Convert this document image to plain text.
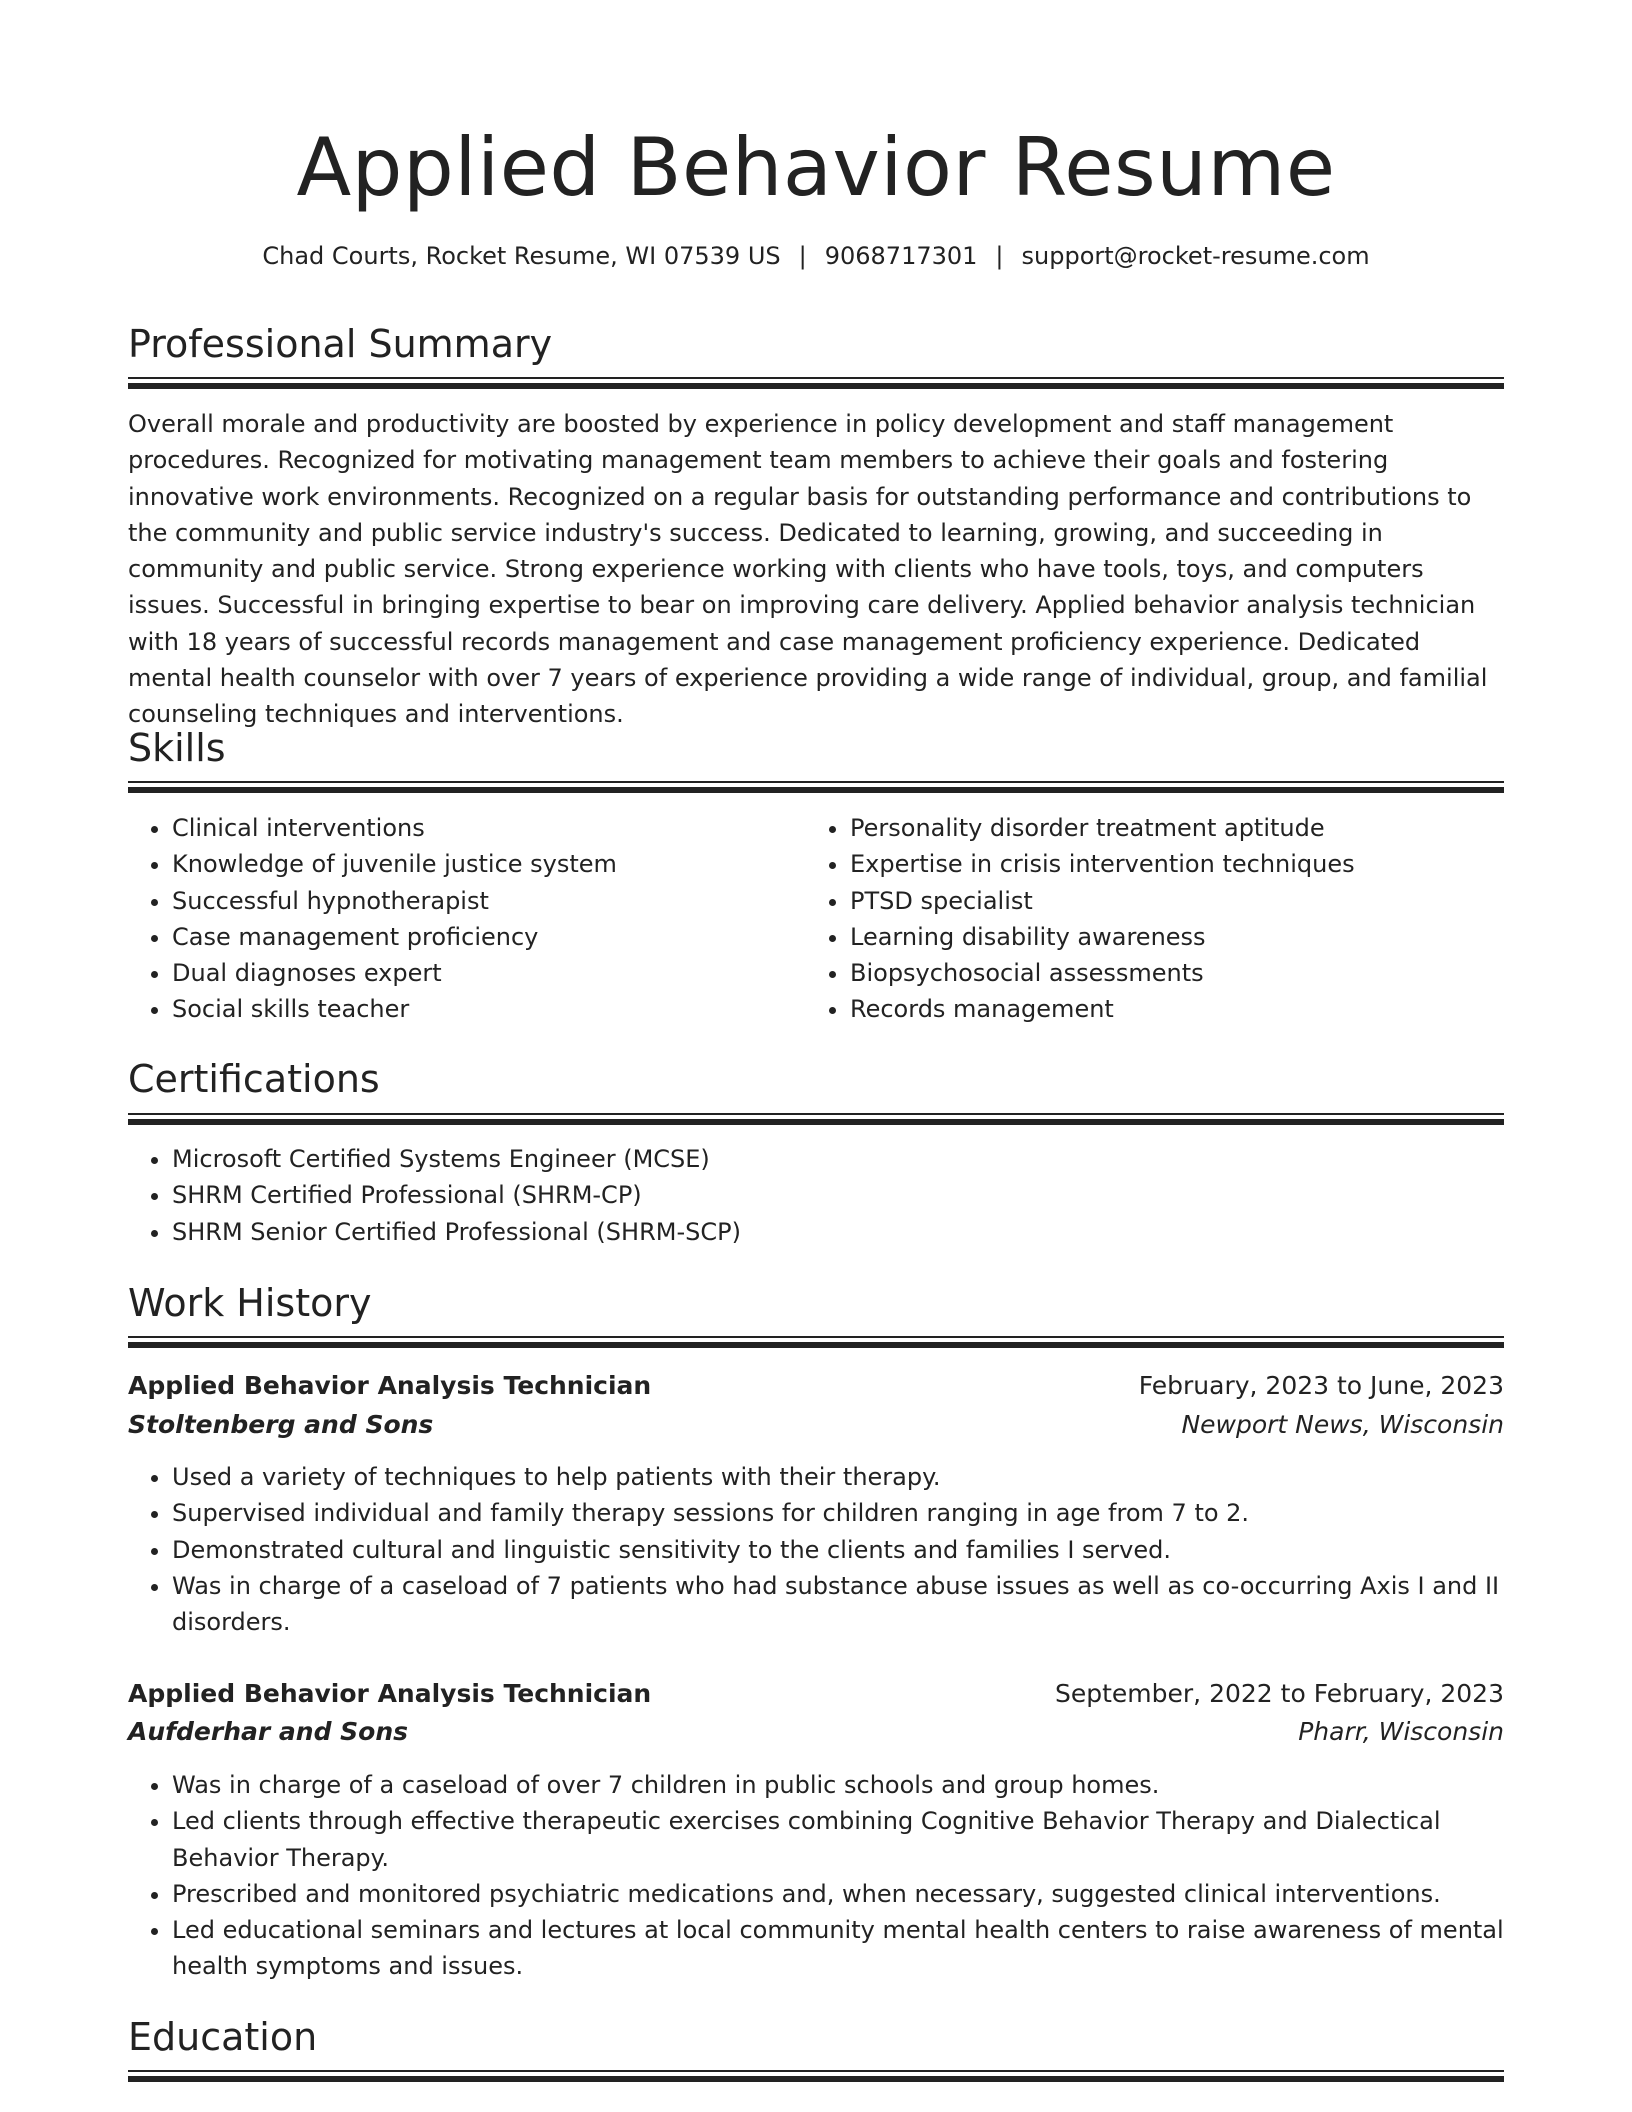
Applied Behavior Resume
Chad Courts, Rocket Resume, WI 07539 US | 9068717301 | support@rocket-resume.com
Professional Summary

Overall morale and productivity are boosted by experience in policy development and staff management procedures. Recognized for motivating management team members to achieve their goals and fostering innovative work environments. Recognized on a regular basis for outstanding performance and contributions to the community and public service industry's success. Dedicated to learning, growing, and succeeding in community and public service. Strong experience working with clients who have tools, toys, and computers issues. Successful in bringing expertise to bear on improving care delivery. Applied behavior analysis technician with 18 years of successful records management and case management proficiency experience. Dedicated mental health counselor with over 7 years of experience providing a wide range of individual, group, and familial counseling techniques and interventions.

Skills
• Clinical interventions
• Knowledge of juvenile justice system
• Successful hypnotherapist
• Case management proficiency
• Dual diagnoses expert
• Social skills teacher
• Personality disorder treatment aptitude
• Expertise in crisis intervention techniques
• PTSD specialist
• Learning disability awareness
• Biopsychosocial assessments
• Records management
Certifications
• Microsoft Certified Systems Engineer (MCSE)
• SHRM Certified Professional (SHRM-CP)
• SHRM Senior Certified Professional (SHRM-SCP)
Work History
Applied Behavior Analysis Technician	February, 2023 to June, 2023
Stoltenberg and Sons	Newport News, Wisconsin
• Used a variety of techniques to help patients with their therapy.
• Supervised individual and family therapy sessions for children ranging in age from 7 to 2.
• Demonstrated cultural and linguistic sensitivity to the clients and families I served.
• Was in charge of a caseload of 7 patients who had substance abuse issues as well as co-occurring Axis I and II disorders.
Applied Behavior Analysis Technician	September, 2022 to February, 2023
Aufderhar and Sons	Pharr, Wisconsin
• Was in charge of a caseload of over 7 children in public schools and group homes.
• Led clients through effective therapeutic exercises combining Cognitive Behavior Therapy and Dialectical Behavior Therapy.
• Prescribed and monitored psychiatric medications and, when necessary, suggested clinical interventions.
• Led educational seminars and lectures at local community mental health centers to raise awareness of mental health symptoms and issues.
Education
